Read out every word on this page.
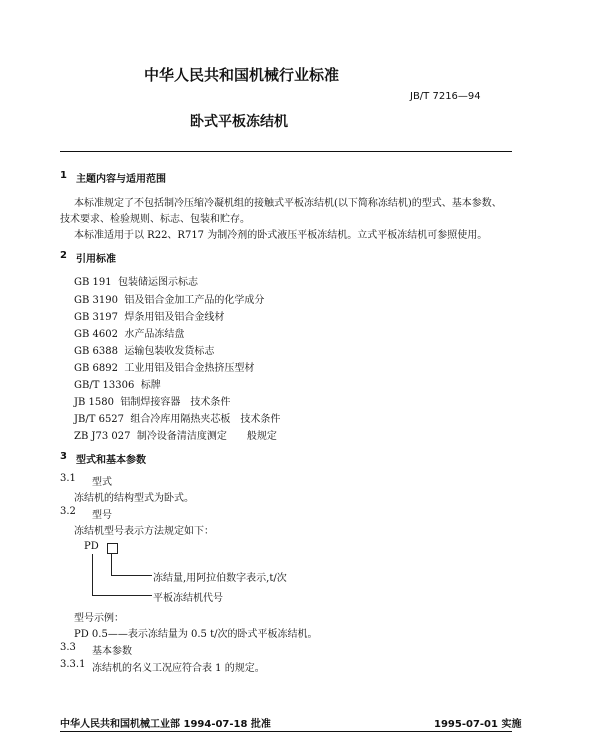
中华人民共和国机械行业标准
JB/T 7216—94
卧式平板冻结机
1 主题内容与适用范围
本标准规定了不包括制冷压缩冷凝机组的接触式平板冻结机(以下简称冻结机)的型式、基本参数、
技术要求、检验规则、标志、包装和贮存。
本标准适用于以 R22、R717 为制冷剂的卧式液压平板冻结机。立式平板冻结机可参照使用。
2 引用标准
GB 191 包装储运图示标志
GB 3190 铝及铝合金加工产品的化学成分
GB 3197 焊条用铝及铝合金线材
GB 4602 水产品冻结盘
GB 6388 运输包装收发货标志
GB 6892 工业用铝及铝合金热挤压型材
GB/T 13306 标牌
JB 1580 铝制焊接容器　技术条件
JB/T 6527 组合冷库用隔热夹芯板　技术条件
ZB J73 027 制冷设备清洁度测定　　般规定
3 型式和基本参数
3.1 型式
冻结机的结构型式为卧式。
3.2 型号
冻结机型号表示方法规定如下：
PD
冻结量,用阿拉伯数字表示,t/次
平板冻结机代号
型号示例：
PD 0.5——表示冻结量为 0.5 t/次的卧式平板冻结机。
3.3 基本参数
3.3.1 冻结机的名义工况应符合表 1 的规定。
中华人民共和国机械工业部 1994-07-18 批准	1995-07-01 实施
